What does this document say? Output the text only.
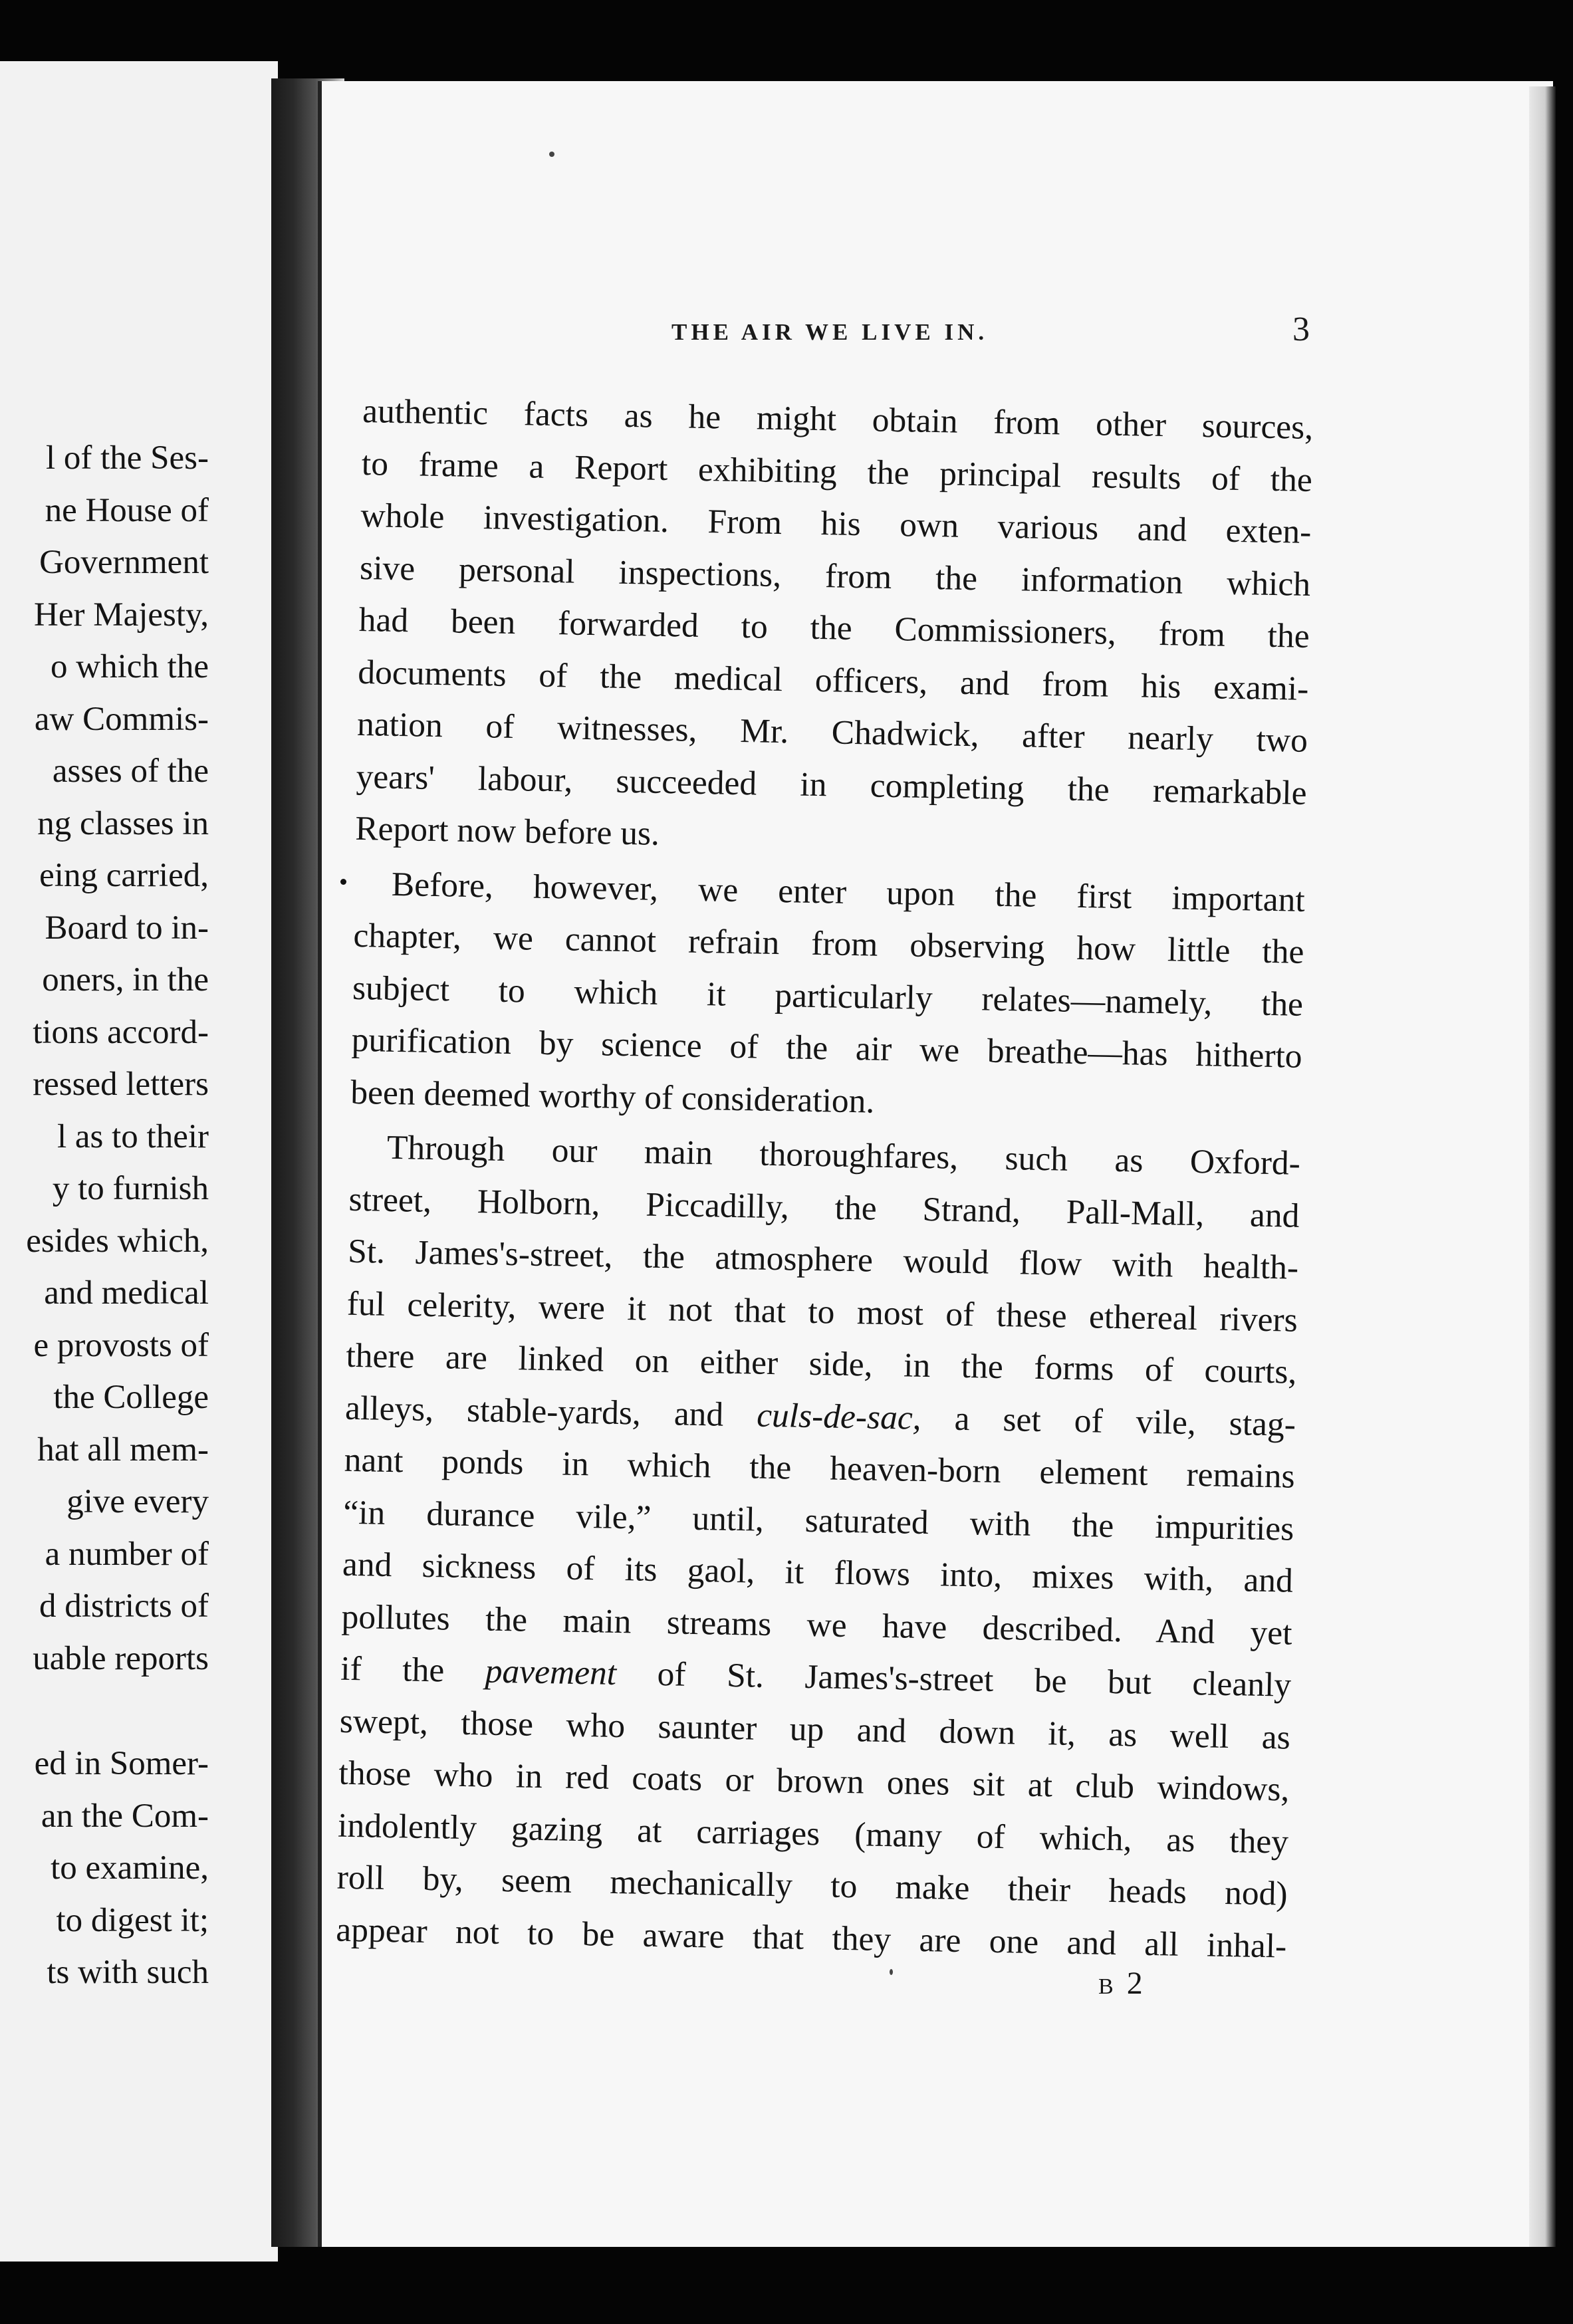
l of the Ses-
ne House of
Government
Her Majesty,
o which the
aw Commis-
asses of the
ng classes in
eing carried,
Board to in-
oners, in the
tions accord-
ressed letters
l as to their
y to furnish
esides which,
and medical
e provosts of
the College
hat all mem-
give every
a number of
d districts of
uable reports
ed in Somer-
an the Com-
to examine,
to digest it;
ts with such
THE AIR WE LIVE IN.	3
authentic facts as he might obtain from other sources,
to frame a Report exhibiting the principal results of the
whole investigation. From his own various and exten-
sive personal inspections, from the information which
had been forwarded to the Commissioners, from the
documents of the medical officers, and from his exami-
nation of witnesses, Mr. Chadwick, after nearly two
years' labour, succeeded in completing the remarkable
Report now before us.
Before, however, we enter upon the first important
chapter, we cannot refrain from observing how little the
subject to which it particularly relates—namely, the
purification by science of the air we breathe—has hitherto
been deemed worthy of consideration.
Through our main thoroughfares, such as Oxford-
street, Holborn, Piccadilly, the Strand, Pall-Mall, and
St. James's-street, the atmosphere would flow with health-
ful celerity, were it not that to most of these ethereal rivers
there are linked on either side, in the forms of courts,
alleys, stable-yards, and culs-de-sac, a set of vile, stag-
nant ponds in which the heaven-born element remains
“in durance vile,” until, saturated with the impurities
and sickness of its gaol, it flows into, mixes with, and
pollutes the main streams we have described. And yet
if the pavement of St. James's-street be but cleanly
swept, those who saunter up and down it, as well as
those who in red coats or brown ones sit at club windows,
indolently gazing at carriages (many of which, as they
roll by, seem mechanically to make their heads nod)
appear not to be aware that they are one and all inhal-
B 2
